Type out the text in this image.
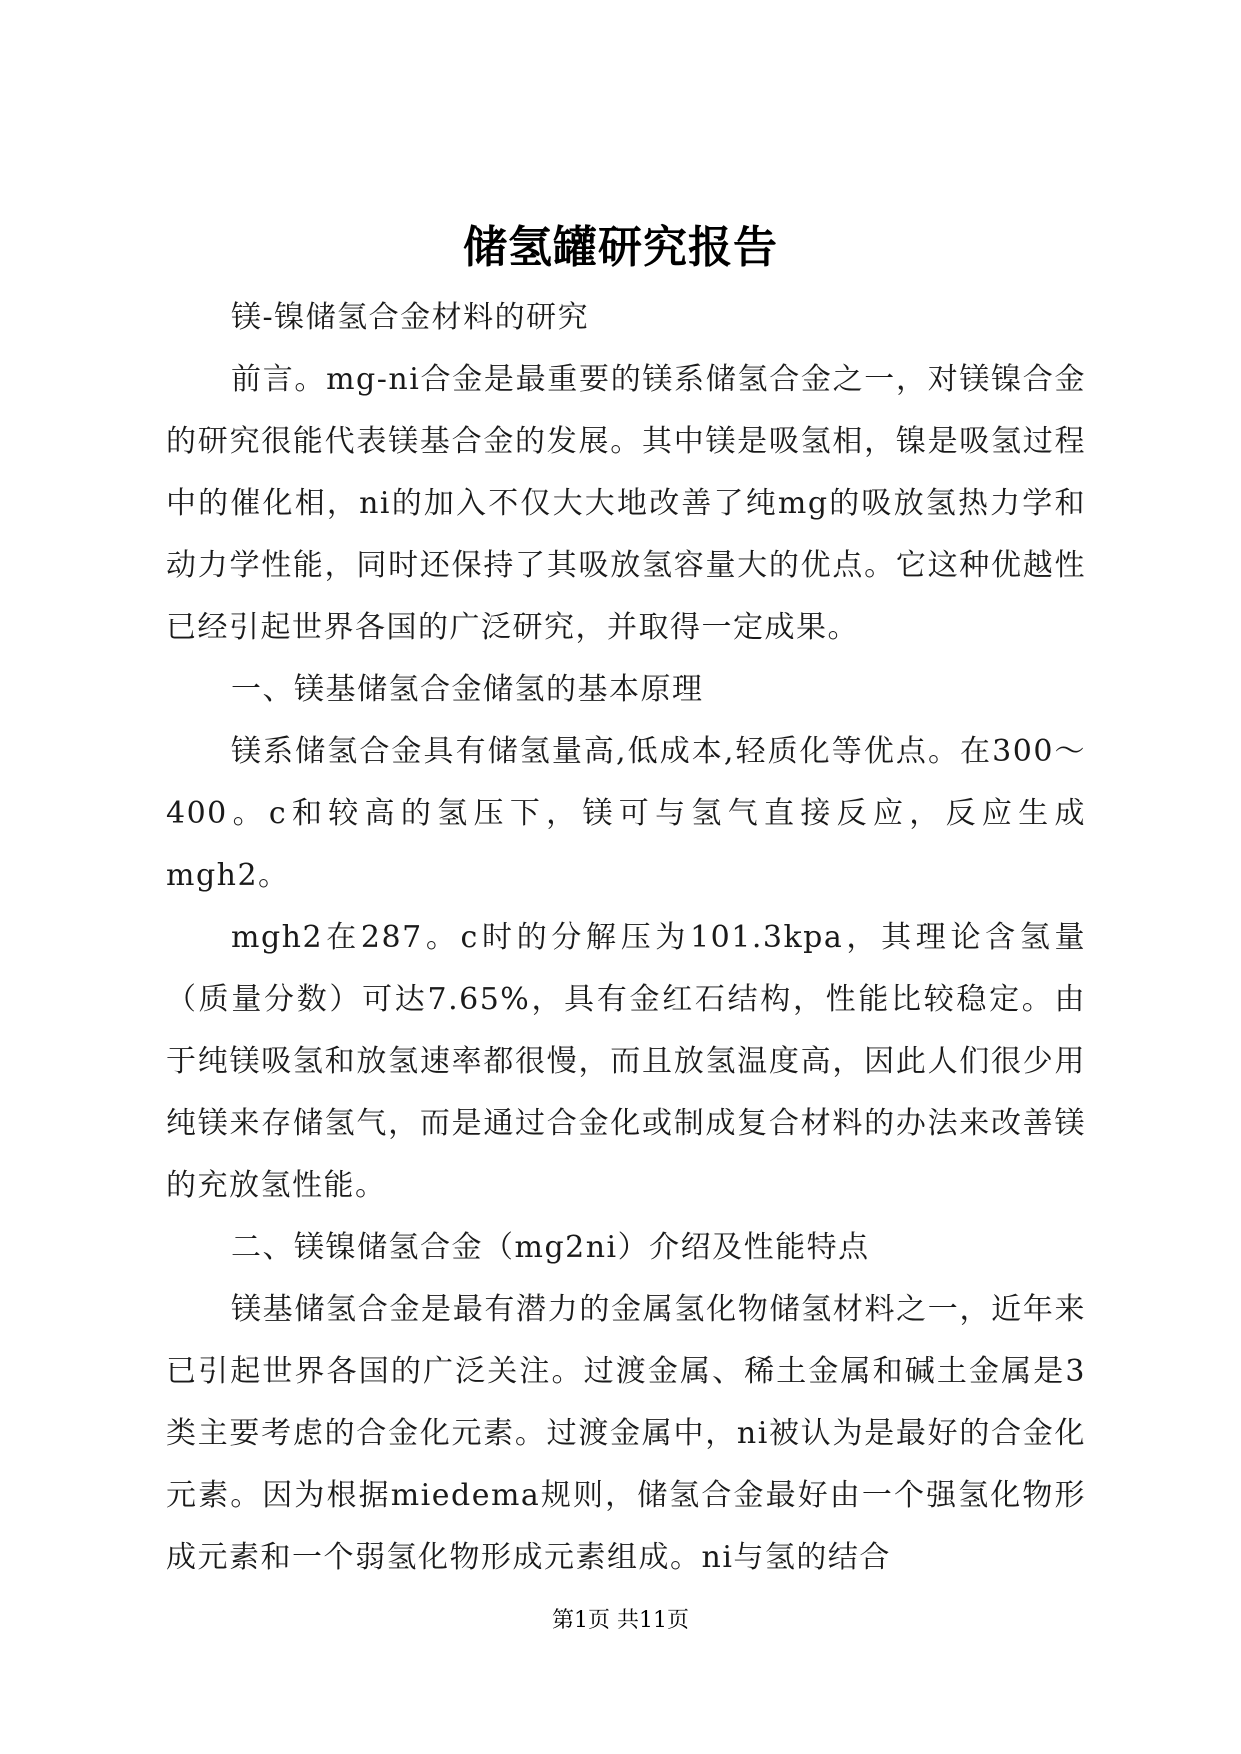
储氢罐研究报告

镁-镍储氢合金材料的研究

前言。mg-ni合金是最重要的镁系储氢合金之一，对镁镍合金的研究很能代表镁基合金的发展。其中镁是吸氢相，镍是吸氢过程中的催化相，ni的加入不仅大大地改善了纯mg的吸放氢热力学和动力学性能，同时还保持了其吸放氢容量大的优点。它这种优越性已经引起世界各国的广泛研究，并取得一定成果。

一、镁基储氢合金储氢的基本原理

镁系储氢合金具有储氢量高,低成本,轻质化等优点。在300～400。c和较高的氢压下，镁可与氢气直接反应，反应生成mgh2。

mgh2在287。c时的分解压为101.3kpa，其理论含氢量（质量分数）可达7.65%，具有金红石结构，性能比较稳定。由于纯镁吸氢和放氢速率都很慢，而且放氢温度高，因此人们很少用纯镁来存储氢气，而是通过合金化或制成复合材料的办法来改善镁的充放氢性能。

二、镁镍储氢合金（mg2ni）介绍及性能特点

镁基储氢合金是最有潜力的金属氢化物储氢材料之一，近年来已引起世界各国的广泛关注。过渡金属、稀土金属和碱土金属是3类主要考虑的合金化元素。过渡金属中，ni被认为是最好的合金化元素。因为根据miedema规则，储氢合金最好由一个强氢化物形成元素和一个弱氢化物形成元素组成。ni与氢的结合

第1页 共11页
